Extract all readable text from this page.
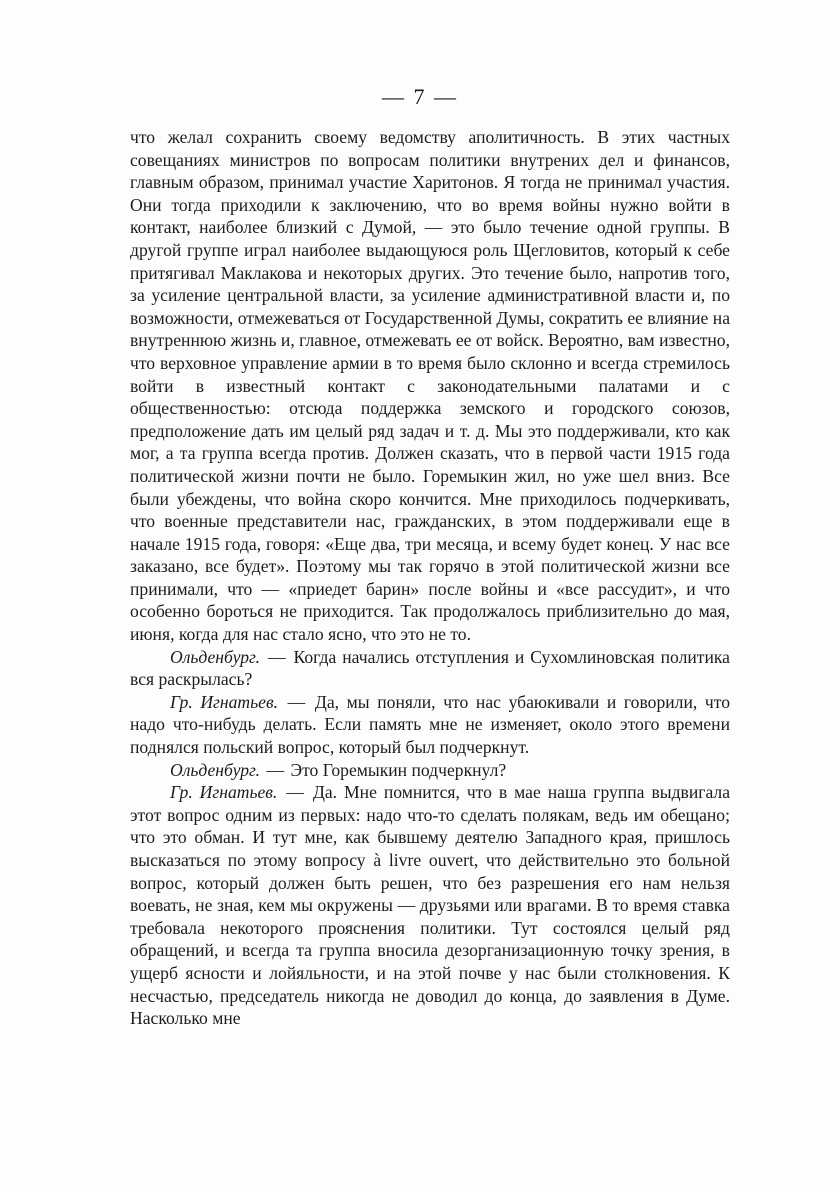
— 7 —

что желал сохранить своему ведомству аполитичность. В этих частных совещаниях министров по вопросам политики внутрених дел и финансов, главным образом, принимал участие Харитонов. Я тогда не принимал участия. Они тогда приходили к заключению, что во время войны нужно войти в контакт, наиболее близкий с Думой, — это было течение одной группы. В другой группе играл наиболее выдающуюся роль Щегловитов, который к себе притягивал Маклакова и некоторых других. Это течение было, напротив того, за усиление центральной власти, за усиление административной власти и, по возможности, отмежеваться от Государственной Думы, сократить ее влияние на внутреннюю жизнь и, главное, отмежевать ее от войск. Вероятно, вам известно, что верховное управление армии в то время было склонно и всегда стремилось войти в известный контакт с законодательными палатами и с общественностью: отсюда поддержка земского и городского союзов, предположение дать им целый ряд задач и т. д. Мы это поддерживали, кто как мог, а та группа всегда против. Должен сказать, что в первой части 1915 года политической жизни почти не было. Горемыкин жил, но уже шел вниз. Все были убеждены, что война скоро кончится. Мне приходилось подчеркивать, что военные представители нас, гражданских, в этом поддерживали еще в начале 1915 года, говоря: «Еще два, три месяца, и всему будет конец. У нас все заказано, все будет». Поэтому мы так горячо в этой политической жизни все принимали, что — «приедет барин» после войны и «все рассудит», и что особенно бороться не приходится. Так продолжалось приблизительно до мая, июня, когда для нас стало ясно, что это не то.

Ольденбург. — Когда начались отступления и Сухомлиновская политика вся раскрылась?

Гр. Игнатьев. — Да, мы поняли, что нас убаюкивали и говорили, что надо что-нибудь делать. Если память мне не изменяет, около этого времени поднялся польский вопрос, который был подчеркнут.

Ольденбург. — Это Горемыкин подчеркнул?

Гр. Игнатьев. — Да. Мне помнится, что в мае наша группа выдвигала этот вопрос одним из первых: надо что-то сделать полякам, ведь им обещано; что это обман. И тут мне, как бывшему деятелю Западного края, пришлось высказаться по этому вопросу à livre ouvert, что действительно это больной вопрос, который должен быть решен, что без разрешения его нам нельзя воевать, не зная, кем мы окружены — друзьями или врагами. В то время ставка требовала некоторого прояснения политики. Тут состоялся целый ряд обращений, и всегда та группа вносила дезорганизационную точку зрения, в ущерб ясности и лойяльности, и на этой почве у нас были столкновения. К несчастью, председатель никогда не доводил до конца, до заявления в Думе. Насколько мне
